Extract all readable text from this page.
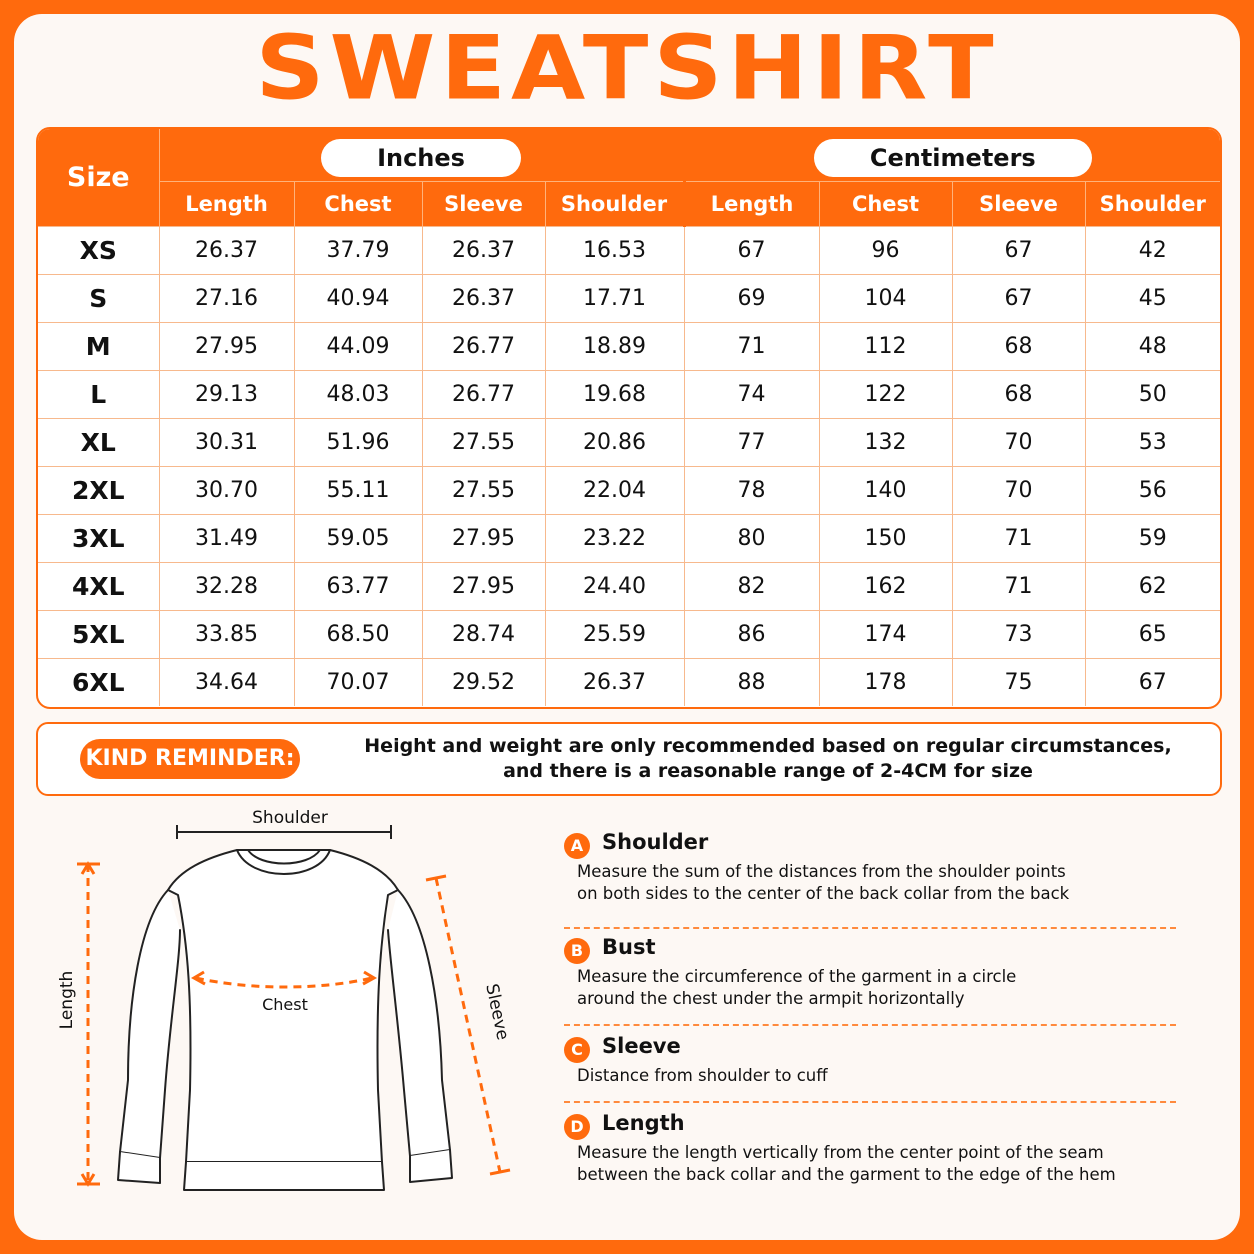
SWEATSHIRT
Size	Inches				Centimeters			
	Length	Chest	Sleeve	Shoulder	Length	Chest	Sleeve	Shoulder
XS	26.37	37.79	26.37	16.53	67	96	67	42
S	27.16	40.94	26.37	17.71	69	104	67	45
M	27.95	44.09	26.77	18.89	71	112	68	48
L	29.13	48.03	26.77	19.68	74	122	68	50
XL	30.31	51.96	27.55	20.86	77	132	70	53
2XL	30.70	55.11	27.55	22.04	78	140	70	56
3XL	31.49	59.05	27.95	23.22	80	150	71	59
4XL	32.28	63.77	27.95	24.40	82	162	71	62
5XL	33.85	68.50	28.74	25.59	86	174	73	65
6XL	34.64	70.07	29.52	26.37	88	178	75	67
KIND REMINDER:	Height and weight are only recommended based on regular circumstances,
and there is a reasonable range of 2-4CM for size
Shoulder
Chest
Length	Sleeve
A Shoulder
Measure the sum of the distances from the shoulder points
on both sides to the center of the back collar from the back
B Bust
Measure the circumference of the garment in a circle
around the chest under the armpit horizontally
C Sleeve
Distance from shoulder to cuff
D Length
Measure the length vertically from the center point of the seam
between the back collar and the garment to the edge of the hem
